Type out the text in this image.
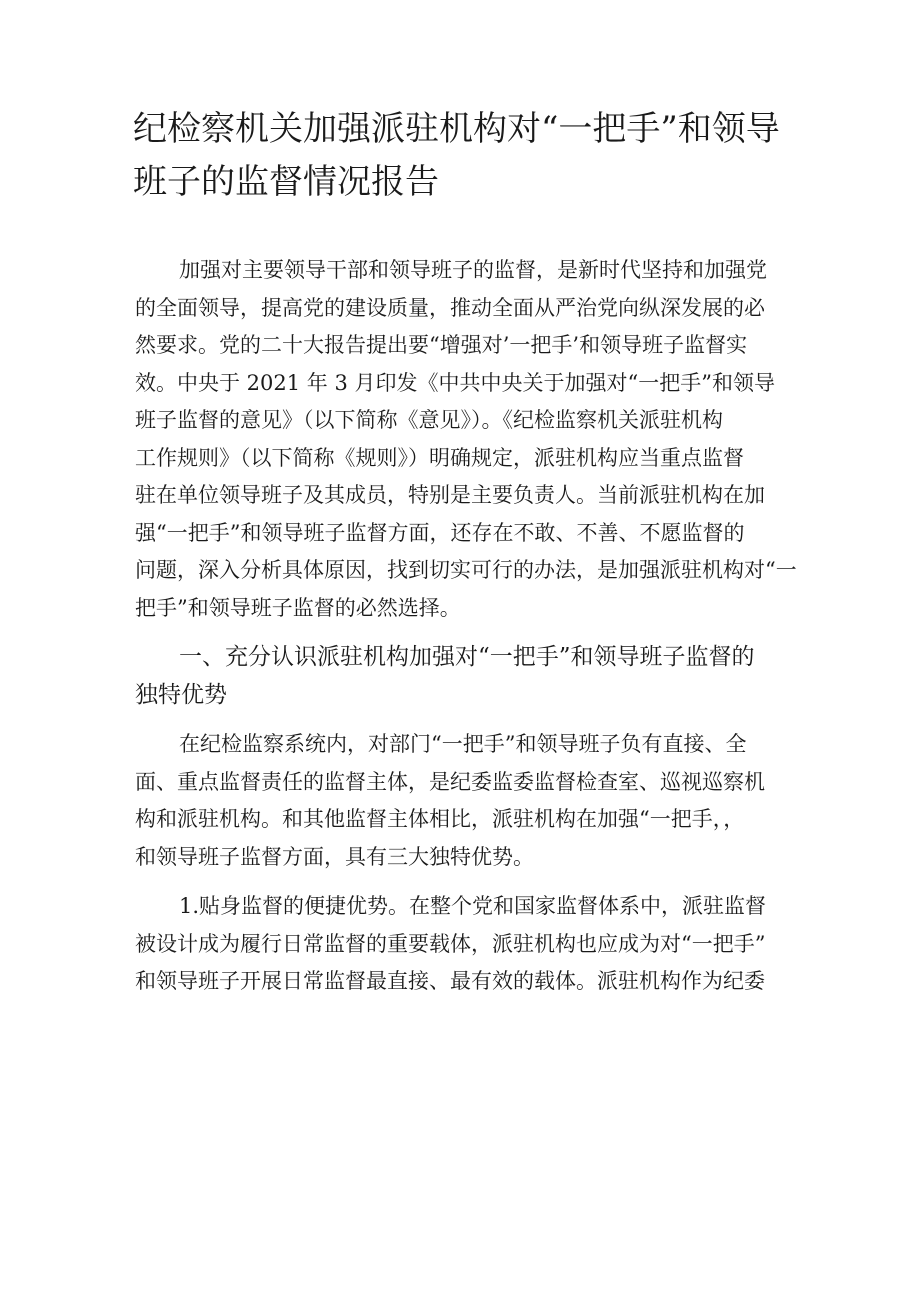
纪检察机关加强派驻机构对“一把手”和领导
班子的监督情况报告
加强对主要领导干部和领导班子的监督，是新时代坚持和加强党
的全面领导，提高党的建设质量，推动全面从严治党向纵深发展的必
然要求。党的二十大报告提出要“增强对’一把手’和领导班子监督实
效。中央于 2021 年 3 月印发《中共中央关于加强对“一把手”和领导
班子监督的意见》（以下简称《意见》）。《纪检监察机关派驻机构
工作规则》（以下简称《规则》）明确规定，派驻机构应当重点监督
驻在单位领导班子及其成员，特别是主要负责人。当前派驻机构在加
强“一把手”和领导班子监督方面，还存在不敢、不善、不愿监督的
问题，深入分析具体原因，找到切实可行的办法，是加强派驻机构对“一
把手”和领导班子监督的必然选择。
一、充分认识派驻机构加强对“一把手”和领导班子监督的
独特优势
在纪检监察系统内，对部门“一把手”和领导班子负有直接、全
面、重点监督责任的监督主体，是纪委监委监督检查室、巡视巡察机
构和派驻机构。和其他监督主体相比，派驻机构在加强“一把手，，
和领导班子监督方面，具有三大独特优势。
1.贴身监督的便捷优势。在整个党和国家监督体系中，派驻监督
被设计成为履行日常监督的重要载体，派驻机构也应成为对“一把手”
和领导班子开展日常监督最直接、最有效的载体。派驻机构作为纪委
